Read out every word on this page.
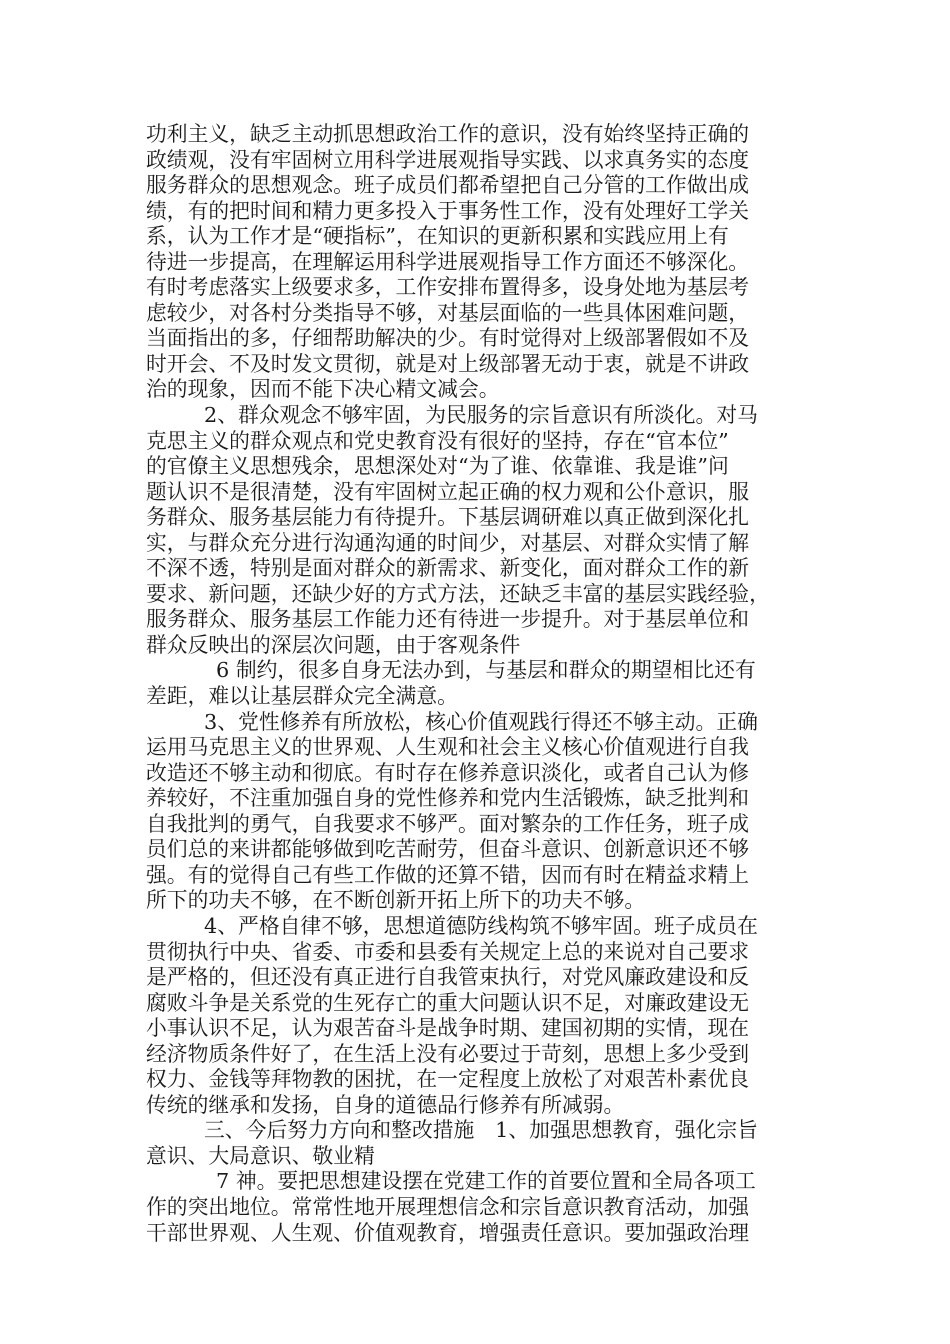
功利主义，缺乏主动抓思想政治工作的意识，没有始终坚持正确的
政绩观，没有牢固树立用科学进展观指导实践、以求真务实的态度
服务群众的思想观念。班子成员们都希望把自己分管的工作做出成
绩，有的把时间和精力更多投入于事务性工作，没有处理好工学关
系，认为工作才是“硬指标”，在知识的更新积累和实践应用上有
待进一步提高，在理解运用科学进展观指导工作方面还不够深化。
有时考虑落实上级要求多，工作安排布置得多，设身处地为基层考
虑较少，对各村分类指导不够，对基层面临的一些具体困难问题，
当面指出的多，仔细帮助解决的少。有时觉得对上级部署假如不及
时开会、不及时发文贯彻，就是对上级部署无动于衷，就是不讲政
治的现象，因而不能下决心精文减会。
2、群众观念不够牢固，为民服务的宗旨意识有所淡化。对马
克思主义的群众观点和党史教育没有很好的坚持，存在“官本位”
的官僚主义思想残余，思想深处对“为了谁、依靠谁、我是谁”问
题认识不是很清楚，没有牢固树立起正确的权力观和公仆意识，服
务群众、服务基层能力有待提升。下基层调研难以真正做到深化扎
实，与群众充分进行沟通沟通的时间少，对基层、对群众实情了解
不深不透，特别是面对群众的新需求、新变化，面对群众工作的新
要求、新问题，还缺少好的方式方法，还缺乏丰富的基层实践经验，
服务群众、服务基层工作能力还有待进一步提升。对于基层单位和
群众反映出的深层次问题，由于客观条件
6 制约，很多自身无法办到，与基层和群众的期望相比还有
差距，难以让基层群众完全满意。
3、党性修养有所放松，核心价值观践行得还不够主动。正确
运用马克思主义的世界观、人生观和社会主义核心价值观进行自我
改造还不够主动和彻底。有时存在修养意识淡化，或者自己认为修
养较好，不注重加强自身的党性修养和党内生活锻炼，缺乏批判和
自我批判的勇气，自我要求不够严。面对繁杂的工作任务，班子成
员们总的来讲都能够做到吃苦耐劳，但奋斗意识、创新意识还不够
强。有的觉得自己有些工作做的还算不错，因而有时在精益求精上
所下的功夫不够，在不断创新开拓上所下的功夫不够。
4、严格自律不够，思想道德防线构筑不够牢固。班子成员在
贯彻执行中央、省委、市委和县委有关规定上总的来说对自己要求
是严格的，但还没有真正进行自我管束执行，对党风廉政建设和反
腐败斗争是关系党的生死存亡的重大问题认识不足，对廉政建设无
小事认识不足，认为艰苦奋斗是战争时期、建国初期的实情，现在
经济物质条件好了，在生活上没有必要过于苛刻，思想上多少受到
权力、金钱等拜物教的困扰，在一定程度上放松了对艰苦朴素优良
传统的继承和发扬，自身的道德品行修养有所减弱。
三、今后努力方向和整改措施　1、加强思想教育，强化宗旨
意识、大局意识、敬业精
7 神。要把思想建设摆在党建工作的首要位置和全局各项工
作的突出地位。常常性地开展理想信念和宗旨意识教育活动，加强
干部世界观、人生观、价值观教育，增强责任意识。要加强政治理
